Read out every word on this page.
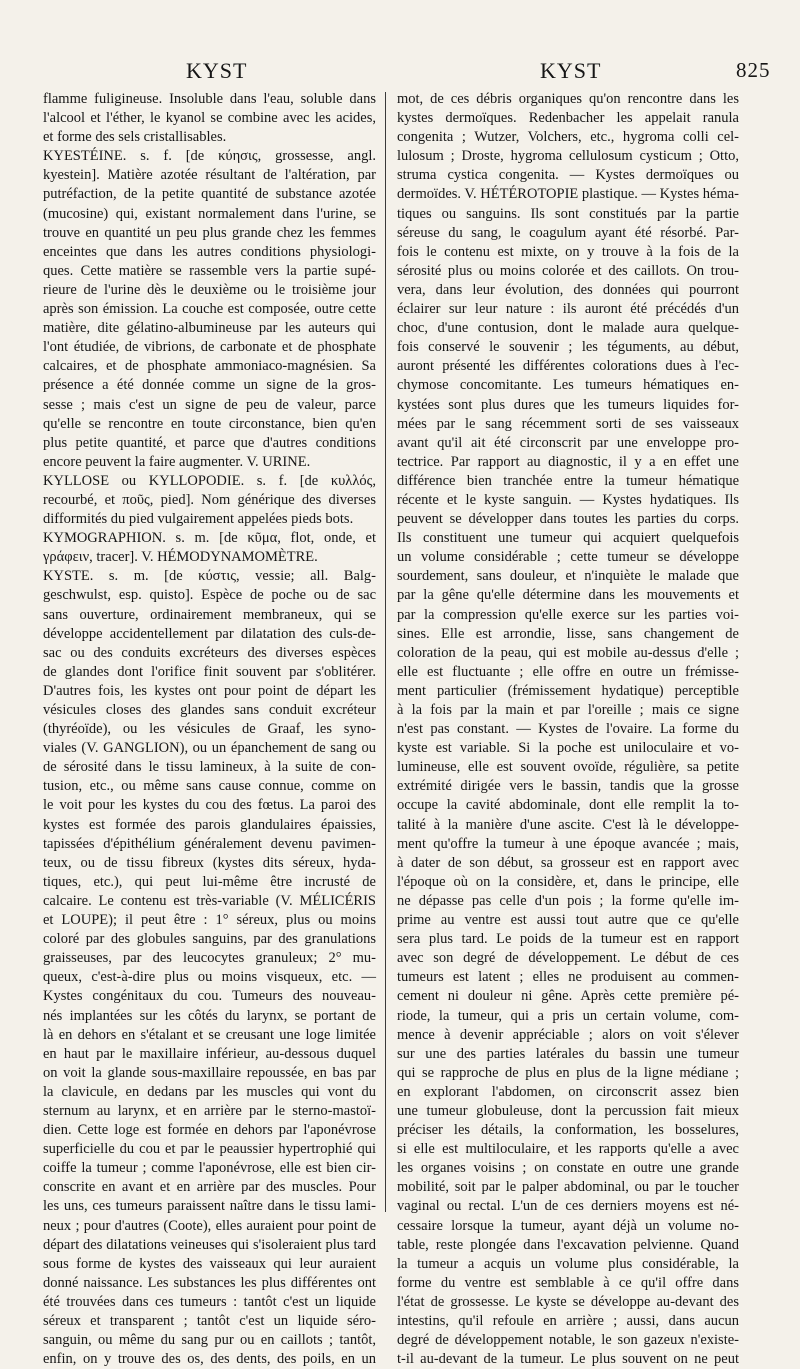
KYST	KYST	825
flamme fuligineuse. Insoluble dans l'eau, soluble dans
l'alcool et l'éther, le kyanol se combine avec les acides,
et forme des sels cristallisables.
KYESTÉINE. s. f. [de κύησις, grossesse, angl.
kyestein]. Matière azotée résultant de l'altération, par
putréfaction, de la petite quantité de substance azotée
(mucosine) qui, existant normalement dans l'urine, se
trouve en quantité un peu plus grande chez les femmes
enceintes que dans les autres conditions physiologi-
ques. Cette matière se rassemble vers la partie supé-
rieure de l'urine dès le deuxième ou le troisième jour
après son émission. La couche est composée, outre cette
matière, dite gélatino-albumineuse par les auteurs qui
l'ont étudiée, de vibrions, de carbonate et de phosphate
calcaires, et de phosphate ammoniaco-magnésien. Sa
présence a été donnée comme un signe de la gros-
sesse ; mais c'est un signe de peu de valeur, parce
qu'elle se rencontre en toute circonstance, bien qu'en
plus petite quantité, et parce que d'autres conditions
encore peuvent la faire augmenter. V. URINE.
KYLLOSE ou KYLLOPODIE. s. f. [de κυλλός,
recourbé, et ποῦς, pied]. Nom générique des diverses
difformités du pied vulgairement appelées pieds bots.
KYMOGRAPHION. s. m. [de κῦμα, flot, onde, et
γράφειν, tracer]. V. HÉMODYNAMOMÈTRE.
KYSTE. s. m. [de κύστις, vessie; all. Balg-
geschwulst, esp. quisto]. Espèce de poche ou de sac
sans ouverture, ordinairement membraneux, qui se
développe accidentellement par dilatation des culs-de-
sac ou des conduits excréteurs des diverses espèces
de glandes dont l'orifice finit souvent par s'oblitérer.
D'autres fois, les kystes ont pour point de départ les
vésicules closes des glandes sans conduit excréteur
(thyréoïde), ou les vésicules de Graaf, les syno-
viales (V. GANGLION), ou un épanchement de sang ou
de sérosité dans le tissu lamineux, à la suite de con-
tusion, etc., ou même sans cause connue, comme on
le voit pour les kystes du cou des fœtus. La paroi des
kystes est formée des parois glandulaires épaissies,
tapissées d'épithélium généralement devenu pavimen-
teux, ou de tissu fibreux (kystes dits séreux, hyda-
tiques, etc.), qui peut lui-même être incrusté de
calcaire. Le contenu est très-variable (V. MÉLICÉRIS
et LOUPE); il peut être : 1° séreux, plus ou moins
coloré par des globules sanguins, par des granulations
graisseuses, par des leucocytes granuleux; 2° mu-
queux, c'est-à-dire plus ou moins visqueux, etc. —
Kystes congénitaux du cou. Tumeurs des nouveau-
nés implantées sur les côtés du larynx, se portant de
là en dehors en s'étalant et se creusant une loge limitée
en haut par le maxillaire inférieur, au-dessous duquel
on voit la glande sous-maxillaire repoussée, en bas par
la clavicule, en dedans par les muscles qui vont du
sternum au larynx, et en arrière par le sterno-mastoï-
dien. Cette loge est formée en dehors par l'aponévrose
superficielle du cou et par le peaussier hypertrophié qui
coiffe la tumeur ; comme l'aponévrose, elle est bien cir-
conscrite en avant et en arrière par des muscles. Pour
les uns, ces tumeurs paraissent naître dans le tissu lami-
neux ; pour d'autres (Coote), elles auraient pour point de
départ des dilatations veineuses qui s'isoleraient plus tard
sous forme de kystes des vaisseaux qui leur auraient
donné naissance. Les substances les plus différentes ont
été trouvées dans ces tumeurs : tantôt c'est un liquide
séreux et transparent ; tantôt c'est un liquide séro-
sanguin, ou même du sang pur ou en caillots ; tantôt,
enfin, on y trouve des os, des dents, des poils, en un
mot, de ces débris organiques qu'on rencontre dans les
kystes dermoïques. Redenbacher les appelait ranula
congenita ; Wutzer, Volchers, etc., hygroma colli cel-
lulosum ; Droste, hygroma cellulosum cysticum ; Otto,
struma cystica congenita. — Kystes dermoïques ou
dermoïdes. V. HÉTÉROTOPIE plastique. — Kystes héma-
tiques ou sanguins. Ils sont constitués par la partie
séreuse du sang, le coagulum ayant été résorbé. Par-
fois le contenu est mixte, on y trouve à la fois de la
sérosité plus ou moins colorée et des caillots. On trou-
vera, dans leur évolution, des données qui pourront
éclairer sur leur nature : ils auront été précédés d'un
choc, d'une contusion, dont le malade aura quelque-
fois conservé le souvenir ; les téguments, au début,
auront présenté les différentes colorations dues à l'ec-
chymose concomitante. Les tumeurs hématiques en-
kystées sont plus dures que les tumeurs liquides for-
mées par le sang récemment sorti de ses vaisseaux
avant qu'il ait été circonscrit par une enveloppe pro-
tectrice. Par rapport au diagnostic, il y a en effet une
différence bien tranchée entre la tumeur hématique
récente et le kyste sanguin. — Kystes hydatiques. Ils
peuvent se développer dans toutes les parties du corps.
Ils constituent une tumeur qui acquiert quelquefois
un volume considérable ; cette tumeur se développe
sourdement, sans douleur, et n'inquiète le malade que
par la gêne qu'elle détermine dans les mouvements et
par la compression qu'elle exerce sur les parties voi-
sines. Elle est arrondie, lisse, sans changement de
coloration de la peau, qui est mobile au-dessus d'elle ;
elle est fluctuante ; elle offre en outre un frémisse-
ment particulier (frémissement hydatique) perceptible
à la fois par la main et par l'oreille ; mais ce signe
n'est pas constant. — Kystes de l'ovaire. La forme du
kyste est variable. Si la poche est uniloculaire et vo-
lumineuse, elle est souvent ovoïde, régulière, sa petite
extrémité dirigée vers le bassin, tandis que la grosse
occupe la cavité abdominale, dont elle remplit la to-
talité à la manière d'une ascite. C'est là le développe-
ment qu'offre la tumeur à une époque avancée ; mais,
à dater de son début, sa grosseur est en rapport avec
l'époque où on la considère, et, dans le principe, elle
ne dépasse pas celle d'un pois ; la forme qu'elle im-
prime au ventre est aussi tout autre que ce qu'elle
sera plus tard. Le poids de la tumeur est en rapport
avec son degré de développement. Le début de ces
tumeurs est latent ; elles ne produisent au commen-
cement ni douleur ni gêne. Après cette première pé-
riode, la tumeur, qui a pris un certain volume, com-
mence à devenir appréciable ; alors on voit s'élever
sur une des parties latérales du bassin une tumeur
qui se rapproche de plus en plus de la ligne médiane ;
en explorant l'abdomen, on circonscrit assez bien
une tumeur globuleuse, dont la percussion fait mieux
préciser les détails, la conformation, les bosselures,
si elle est multiloculaire, et les rapports qu'elle a avec
les organes voisins ; on constate en outre une grande
mobilité, soit par le palper abdominal, ou par le toucher
vaginal ou rectal. L'un de ces derniers moyens est né-
cessaire lorsque la tumeur, ayant déjà un volume no-
table, reste plongée dans l'excavation pelvienne. Quand
la tumeur a acquis un volume plus considérable, la
forme du ventre est semblable à ce qu'il offre dans
l'état de grossesse. Le kyste se développe au-devant des
intestins, qu'il refoule en arrière ; aussi, dans aucun
degré de développement notable, le son gazeux n'existe-
t-il au-devant de la tumeur. Le plus souvent on ne peut
